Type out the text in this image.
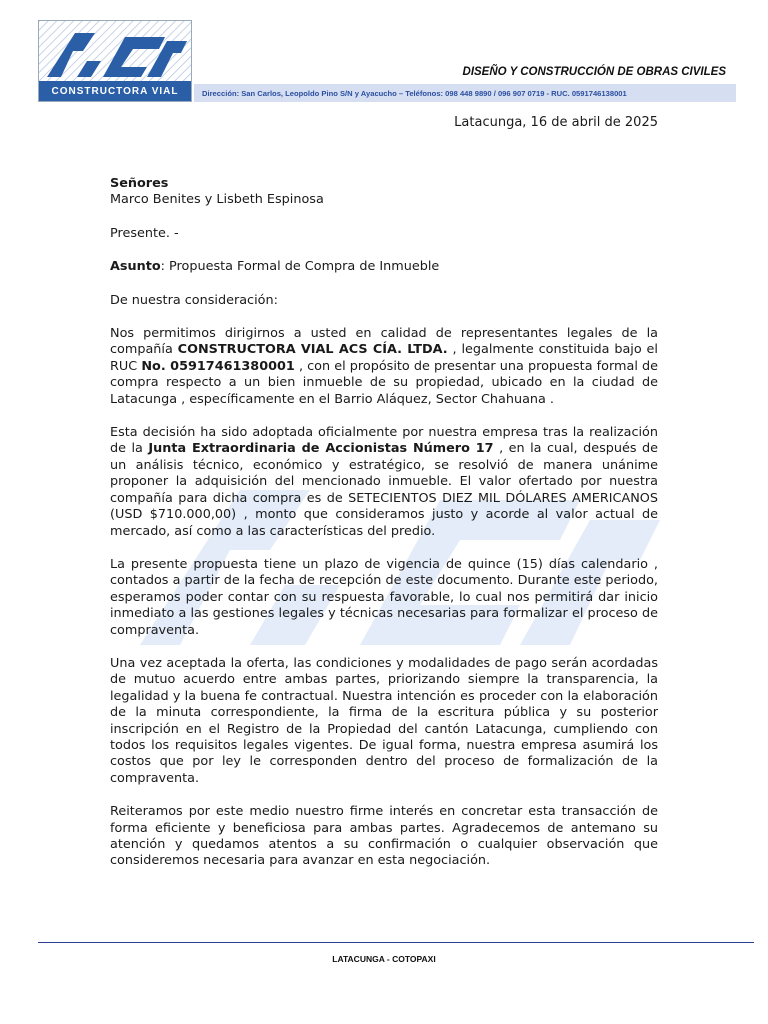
CONSTRUCTORA VIAL
DISEÑO Y CONSTRUCCIÓN DE OBRAS CIVILES
Dirección: San Carlos, Leopoldo Pino S/N y Ayacucho – Teléfonos: 098 448 9890 / 096 907 0719 - RUC. 0591746138001
Latacunga, 16 de abril de 2025

Señores

Marco Benites y Lisbeth Espinosa

Presente. -

Asunto: Propuesta Formal de Compra de Inmueble

De nuestra consideración:

Nos permitimos dirigirnos a usted en calidad de representantes legales de la compañía CONSTRUCTORA VIAL ACS CÍA. LTDA. , legalmente constituida bajo el RUC No. 05917461380001 , con el propósito de presentar una propuesta formal de compra respecto a un bien inmueble de su propiedad, ubicado en la ciudad de Latacunga , específicamente en el Barrio Aláquez, Sector Chahuana .

Esta decisión ha sido adoptada oficialmente por nuestra empresa tras la realización de la Junta Extraordinaria de Accionistas Número 17 , en la cual, después de un análisis técnico, económico y estratégico, se resolvió de manera unánime proponer la adquisición del mencionado inmueble. El valor ofertado por nuestra compañía para dicha compra es de SETECIENTOS DIEZ MIL DÓLARES AMERICANOS (USD $710.000,00) , monto que consideramos justo y acorde al valor actual de mercado, así como a las características del predio.

La presente propuesta tiene un plazo de vigencia de quince (15) días calendario , contados a partir de la fecha de recepción de este documento. Durante este periodo, esperamos poder contar con su respuesta favorable, lo cual nos permitirá dar inicio inmediato a las gestiones legales y técnicas necesarias para formalizar el proceso de compraventa.

Una vez aceptada la oferta, las condiciones y modalidades de pago serán acordadas de mutuo acuerdo entre ambas partes, priorizando siempre la transparencia, la legalidad y la buena fe contractual. Nuestra intención es proceder con la elaboración de la minuta correspondiente, la firma de la escritura pública y su posterior inscripción en el Registro de la Propiedad del cantón Latacunga, cumpliendo con todos los requisitos legales vigentes. De igual forma, nuestra empresa asumirá los costos que por ley le corresponden dentro del proceso de formalización de la compraventa.

Reiteramos por este medio nuestro firme interés en concretar esta transacción de forma eficiente y beneficiosa para ambas partes. Agradecemos de antemano su atención y quedamos atentos a su confirmación o cualquier observación que consideremos necesaria para avanzar en esta negociación.

LATACUNGA - COTOPAXI
